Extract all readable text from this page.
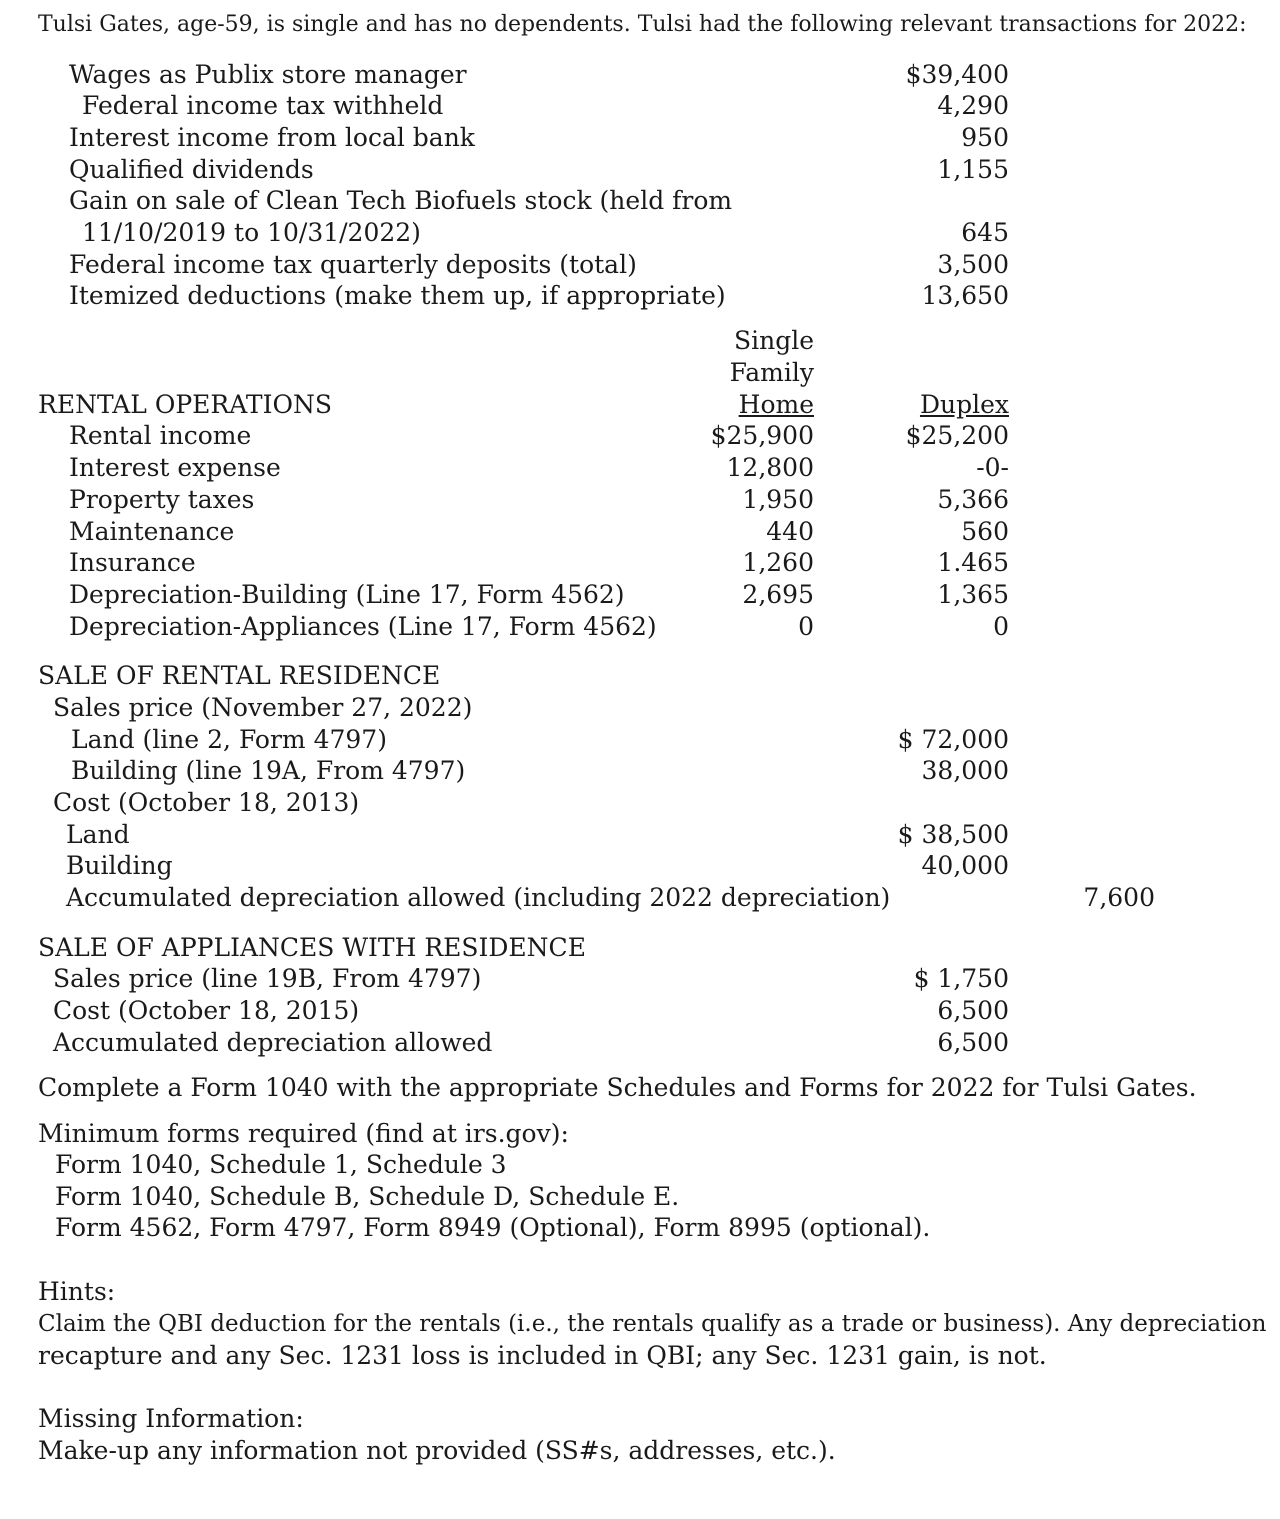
Tulsi Gates, age-59, is single and has no dependents. Tulsi had the following relevant transactions for 2022:
Wages as Publix store manager	$39,400
Federal income tax withheld	4,290
Interest income from local bank	950
Qualified dividends	1,155
Gain on sale of Clean Tech Biofuels stock (held from
11/10/2019 to 10/31/2022)	645
Federal income tax quarterly deposits (total)	3,500
Itemized deductions (make them up, if appropriate)	13,650
Single
Family
RENTAL OPERATIONS	Home	Duplex
Rental income	$25,900	$25,200
Interest expense	12,800	-0-
Property taxes	1,950	5,366
Maintenance	440	560
Insurance	1,260	1.465
Depreciation-Building (Line 17, Form 4562)	2,695	1,365
Depreciation-Appliances (Line 17, Form 4562)	0	0
SALE OF RENTAL RESIDENCE
Sales price (November 27, 2022)
Land (line 2, Form 4797)	$ 72,000
Building (line 19A, From 4797)	38,000
Cost (October 18, 2013)
Land	$ 38,500
Building	40,000
Accumulated depreciation allowed (including 2022 depreciation)	7,600
SALE OF APPLIANCES WITH RESIDENCE
Sales price (line 19B, From 4797)	$ 1,750
Cost (October 18, 2015)	6,500
Accumulated depreciation allowed	6,500
Complete a Form 1040 with the appropriate Schedules and Forms for 2022 for Tulsi Gates.
Minimum forms required (find at irs.gov):
Form 1040, Schedule 1, Schedule 3
Form 1040, Schedule B, Schedule D, Schedule E.
Form 4562, Form 4797, Form 8949 (Optional), Form 8995 (optional).
Hints:
Claim the QBI deduction for the rentals (i.e., the rentals qualify as a trade or business). Any depreciation
recapture and any Sec. 1231 loss is included in QBI; any Sec. 1231 gain, is not.
Missing Information:
Make-up any information not provided (SS#s, addresses, etc.).
